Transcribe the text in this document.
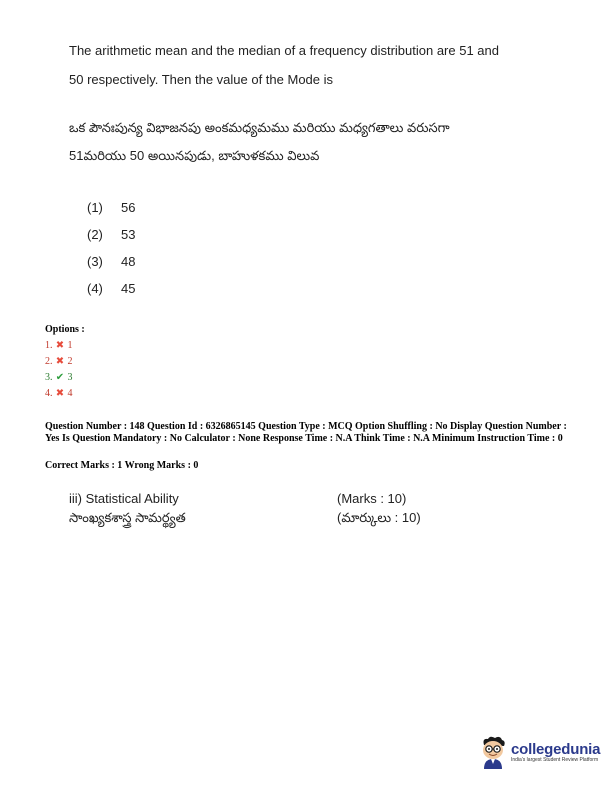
The arithmetic mean and the median of a frequency distribution are 51 and
50 respectively. Then the value of the Mode is
ఒక పౌనఃపున్య విభాజనపు అంకమధ్యమము మరియు మధ్యగతాలు వరుసగా
51మరియు 50 అయినపుడు, బాహుళకము విలువ
(1)	56
(2)	53
(3)	48
(4)	45
Options :
1. ✖ 1
2. ✖ 2
3. ✔ 3
4. ✖ 4
Question Number : 148 Question Id : 6326865145 Question Type : MCQ Option Shuffling : No Display Question Number : Yes Is Question Mandatory : No Calculator : None Response Time : N.A Think Time : N.A Minimum Instruction Time : 0
Correct Marks : 1 Wrong Marks : 0
iii) Statistical Ability	(Marks : 10)
సాంఖ్యకశాస్త్ర సామర్థ్యత	(మార్కులు : 10)
collegedunia
India's largest Student Review Platform
